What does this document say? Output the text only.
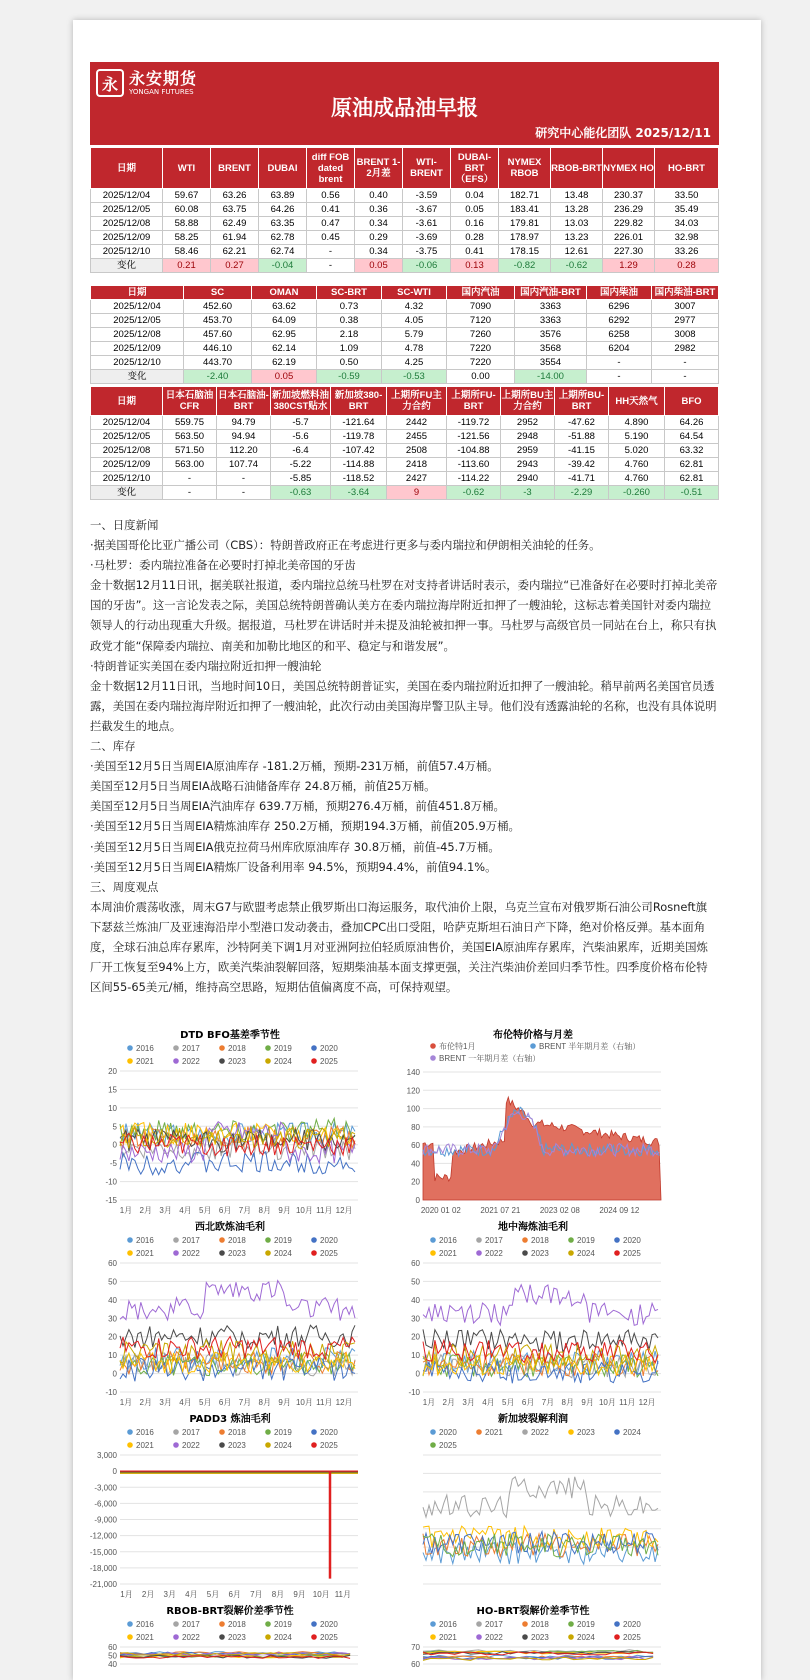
永 永安期货
YONGAN FUTURES
原油成品油早报
研究中心能化团队 2025/12/11
日期	WTI	BRENT	DUBAI	diff FOB dated brent	BRENT 1-2月差	WTI-BRENT	DUBAI-BRT（EFS）	NYMEX RBOB	RBOB-BRT	NYMEX HO	HO-BRT
2025/12/04	59.67	63.26	63.89	0.56	0.40	-3.59	0.04	182.71	13.48	230.37	33.50
2025/12/05	60.08	63.75	64.26	0.41	0.36	-3.67	0.05	183.41	13.28	236.29	35.49
2025/12/08	58.88	62.49	63.35	0.47	0.34	-3.61	0.16	179.81	13.03	229.82	34.03
2025/12/09	58.25	61.94	62.78	0.45	0.29	-3.69	0.28	178.97	13.23	226.01	32.98
2025/12/10	58.46	62.21	62.74	-	0.34	-3.75	0.41	178.15	12.61	227.30	33.26
变化	0.21	0.27	-0.04	-	0.05	-0.06	0.13	-0.82	-0.62	1.29	0.28
日期	SC	OMAN	SC-BRT	SC-WTI	国内汽油	国内汽油-BRT	国内柴油	国内柴油-BRT
2025/12/04	452.60	63.62	0.73	4.32	7090	3363	6296	3007
2025/12/05	453.70	64.09	0.38	4.05	7120	3363	6292	2977
2025/12/08	457.60	62.95	2.18	5.79	7260	3576	6258	3008
2025/12/09	446.10	62.14	1.09	4.78	7220	3568	6204	2982
2025/12/10	443.70	62.19	0.50	4.25	7220	3554	-	-
变化	-2.40	0.05	-0.59	-0.53	0.00	-14.00	-	-
日期	日本石脑油CFR	日本石脑油-BRT	新加坡燃料油380CST贴水	新加坡380-BRT	上期所FU主力合约	上期所FU-BRT	上期所BU主力合约	上期所BU-BRT	HH天然气	BFO
2025/12/04	559.75	94.79	-5.7	-121.64	2442	-119.72	2952	-47.62	4.890	64.26
2025/12/05	563.50	94.94	-5.6	-119.78	2455	-121.56	2948	-51.88	5.190	64.54
2025/12/08	571.50	112.20	-6.4	-107.42	2508	-104.88	2959	-41.15	5.020	63.32
2025/12/09	563.00	107.74	-5.22	-114.88	2418	-113.60	2943	-39.42	4.760	62.81
2025/12/10	-	-	-5.85	-118.52	2427	-114.22	2940	-41.71	4.760	62.81
变化	-	-	-0.63	-3.64	9	-0.62	-3	-2.29	-0.260	-0.51
一、日度新闻
·据美国哥伦比亚广播公司（CBS）：特朗普政府正在考虑进行更多与委内瑞拉和伊朗相关油轮的任务。
·马杜罗：委内瑞拉准备在必要时打掉北美帝国的牙齿
金十数据12月11日讯，据美联社报道，委内瑞拉总统马杜罗在对支持者讲话时表示，委内瑞拉“已准备好在必要时打掉北美帝国的牙齿”。这一言论发表之际，美国总统特朗普确认美方在委内瑞拉海岸附近扣押了一艘油轮，这标志着美国针对委内瑞拉领导人的行动出现重大升级。据报道，马杜罗在讲话时并未提及油轮被扣押一事。马杜罗与高级官员一同站在台上，称只有执政党才能“保障委内瑞拉、南美和加勒比地区的和平、稳定与和谐发展”。
·特朗普证实美国在委内瑞拉附近扣押一艘油轮
金十数据12月11日讯，当地时间10日，美国总统特朗普证实，美国在委内瑞拉附近扣押了一艘油轮。稍早前两名美国官员透露，美国在委内瑞拉海岸附近扣押了一艘油轮，此次行动由美国海岸警卫队主导。他们没有透露油轮的名称，也没有具体说明拦截发生的地点。
二、库存
·美国至12月5日当周EIA原油库存 -181.2万桶，预期-231万桶，前值57.4万桶。
美国至12月5日当周EIA战略石油储备库存 24.8万桶，前值25万桶。
美国至12月5日当周EIA汽油库存 639.7万桶，预期276.4万桶，前值451.8万桶。
·美国至12月5日当周EIA精炼油库存 250.2万桶，预期194.3万桶，前值205.9万桶。
·美国至12月5日当周EIA俄克拉荷马州库欣原油库存 30.8万桶，前值-45.7万桶。
·美国至12月5日当周EIA精炼厂设备利用率 94.5%，预期94.4%，前值94.1%。
三、周度观点
本周油价震荡收涨，周末G7与欧盟考虑禁止俄罗斯出口海运服务，取代油价上限，乌克兰宣布对俄罗斯石油公司Rosneft旗下瑟兹兰炼油厂及亚速海沿岸小型港口发动袭击，叠加CPC出口受阻，哈萨克斯坦石油日产下降，绝对价格反弹。基本面角度，全球石油总库存累库，沙特阿美下调1月对亚洲阿拉伯轻质原油售价，美国EIA原油库存累库，汽柴油累库，近期美国炼厂开工恢复至94%上方，欧美汽柴油裂解回落，短期柴油基本面支撑更强，关注汽柴油价差回归季节性。四季度价格布伦特区间55-65美元/桶，维持高空思路，短期估值偏离度不高，可保持观望。
DTD BFO基差季节性
2016	2017	2018	2019	2020
2021	2022	2023	2024	2025
20
15
10
5
0
-5
-10
-15
1月 2月 3月 4月 5月 6月 7月 8月 9月 10月 11月 12月
布伦特价格与月差
布伦特1月	BRENT 半年期月差（右轴）
BRENT 一年期月差（右轴）
140
120
100
80
60
40
20
0
2020 01 02 2021 07 21 2023 02 08 2024 09 12
西北欧炼油毛利
2016	2017	2018	2019	2020
2021	2022	2023	2024	2025
60
50
40
30
20
10
0
-10
1月 2月 3月 4月 5月 6月 7月 8月 9月 10月 11月 12月
地中海炼油毛利
2016	2017	2018	2019	2020
2021	2022	2023	2024	2025
60
50
40
30
20
10
0
-10
1月 2月 3月 4月 5月 6月 7月 8月 9月 10月 11月 12月
PADD3 炼油毛利
2016	2017	2018	2019	2020
2021	2022	2023	2024	2025
3,000
0
-3,000
-6,000
-9,000
-12,000
-15,000
-18,000
-21,000
1月 2月 3月 4月 5月 6月 7月 8月 9月 10月 11月
新加坡裂解利润
2020	2021	2022	2023	2024
2025
RBOB-BRT裂解价差季节性
2016	2017	2018	2019	2020
2021	2022	2023	2024	2025
60
50
40
HO-BRT裂解价差季节性
2016	2017	2018	2019	2020
2021	2022	2023	2024	2025
70
60
